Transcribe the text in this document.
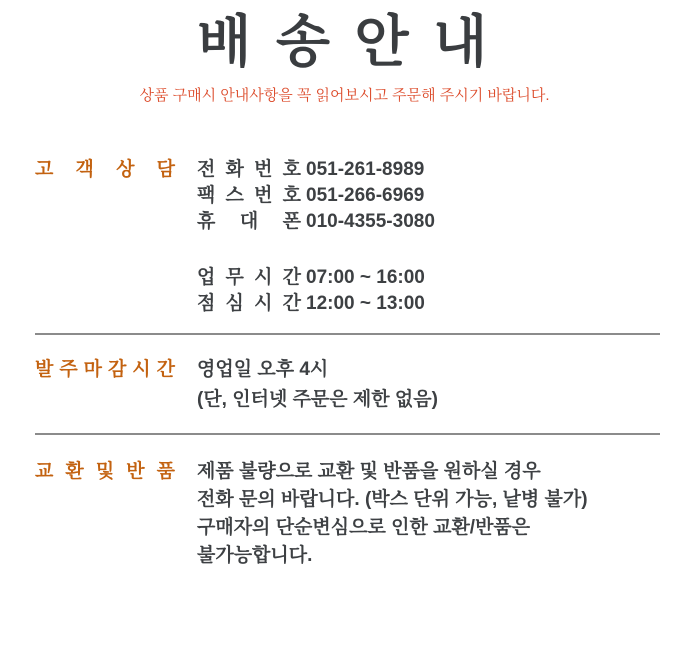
배 송 안 내

상품 구매시 안내사항을 꼭 읽어보시고 주문해 주시기 바랍니다.

고 객 상 담 전 화 번 호 051-261-8989
팩 스 번 호 051-266-6969
휴 대 폰 010-4355-3080
업 무 시 간 07:00 ~ 16:00
점 심 시 간 12:00 ~ 13:00
발 주 마 감 시 간 영업일 오후 4시
(단, 인터넷 주문은 제한 없음)
교 환 및 반 품 제품 불량으로 교환 및 반품을 원하실 경우
전화 문의 바랍니다. (박스 단위 가능, 낱병 불가)
구매자의 단순변심으로 인한 교환/반품은
불가능합니다.
